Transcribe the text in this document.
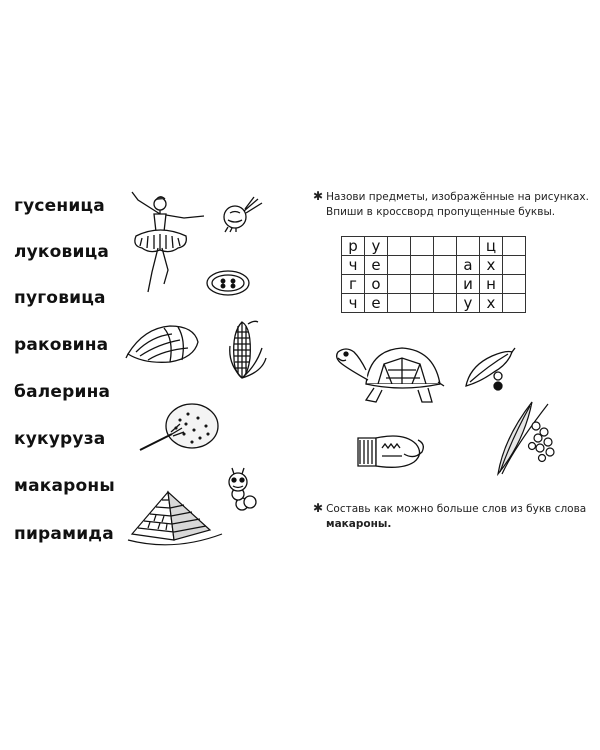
гусеница
луковица
пуговица
раковина
балерина
кукуруза
макароны
пирамида
✱ Назови предметы, изображённые на рисунках.
Впиши в кроссворд пропущенные буквы.
р	у					ц	
ч	е				а	х	
г	о				и	н	
ч	е				у	х	
✱ Составь как можно больше слов из букв слова
макароны.
